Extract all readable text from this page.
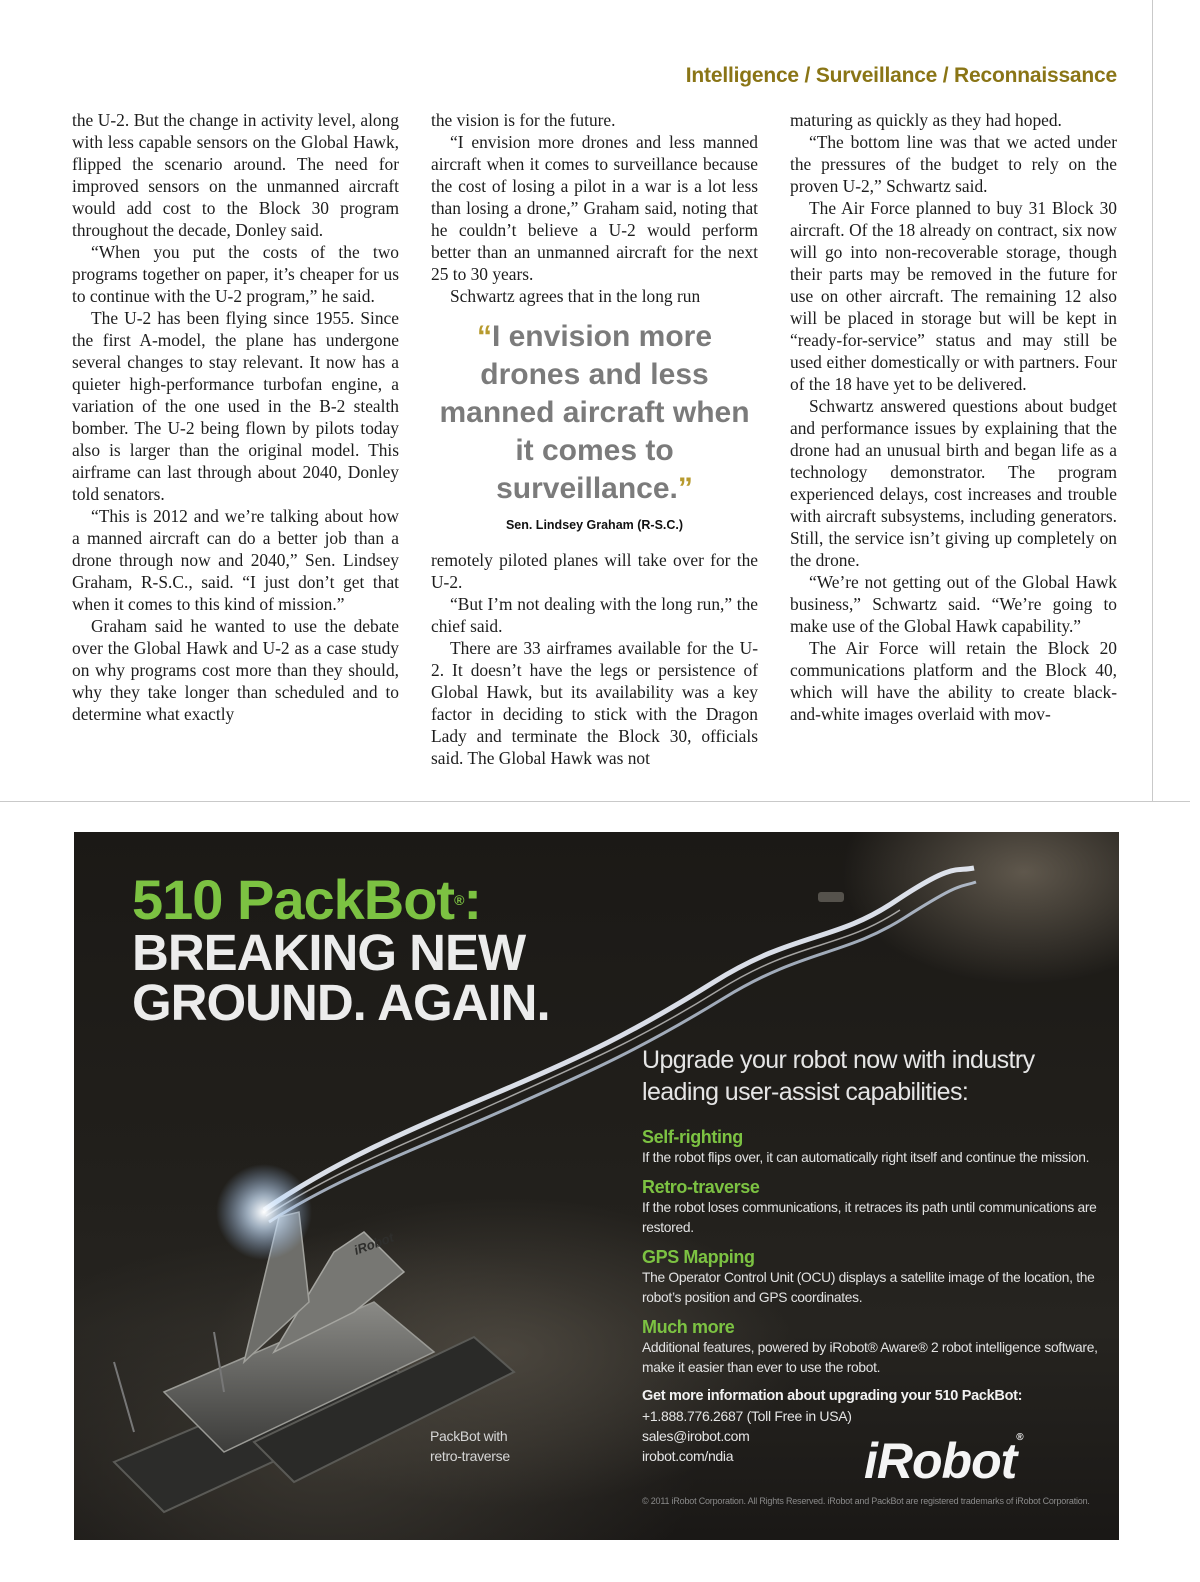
Intelligence / Surveillance / Reconnaissance

the U-2. But the change in activity level, along with less capable sensors on the Global Hawk, flipped the scenario around. The need for improved sensors on the unmanned aircraft would add cost to the Block 30 program throughout the decade, Donley said.

“When you put the costs of the two programs together on paper, it’s cheaper for us to continue with the U-2 program,” he said.

The U-2 has been flying since 1955. Since the first A-model, the plane has undergone several changes to stay relevant. It now has a quieter high-performance turbofan engine, a variation of the one used in the B-2 stealth bomber. The U-2 being flown by pilots today also is larger than the original model. This airframe can last through about 2040, Donley told senators.

“This is 2012 and we’re talking about how a manned aircraft can do a better job than a drone through now and 2040,” Sen. Lindsey Graham, R-S.C., said. “I just don’t get that when it comes to this kind of mission.”

Graham said he wanted to use the debate over the Global Hawk and U-2 as a case study on why programs cost more than they should, why they take longer than scheduled and to determine what exactly

the vision is for the future.

“I envision more drones and less manned aircraft when it comes to surveillance because the cost of losing a pilot in a war is a lot less than losing a drone,” Graham said, noting that he couldn’t believe a U-2 would perform better than an unmanned aircraft for the next 25 to 30 years.

Schwartz agrees that in the long run

“I envision more drones and less manned aircraft when it comes to surveillance.”
Sen. Lindsey Graham (R-S.C.)

remotely piloted planes will take over for the U-2.

“But I’m not dealing with the long run,” the chief said.

There are 33 airframes available for the U-2. It doesn’t have the legs or persistence of Global Hawk, but its availability was a key factor in deciding to stick with the Dragon Lady and terminate the Block 30, officials said. The Global Hawk was not

maturing as quickly as they had hoped.

“The bottom line was that we acted under the pressures of the budget to rely on the proven U-2,” Schwartz said.

The Air Force planned to buy 31 Block 30 aircraft. Of the 18 already on contract, six now will go into non-recoverable storage, though their parts may be removed in the future for use on other aircraft. The remaining 12 also will be placed in storage but will be kept in “ready-for-service” status and may still be used either domestically or with partners. Four of the 18 have yet to be delivered.

Schwartz answered questions about budget and performance issues by explaining that the drone had an unusual birth and began life as a technology demonstrator. The program experienced delays, cost increases and trouble with aircraft subsystems, including generators. Still, the service isn’t giving up completely on the drone.

“We’re not getting out of the Global Hawk business,” Schwartz said. “We’re going to make use of the Global Hawk capability.”

The Air Force will retain the Block 20 communications platform and the Block 40, which will have the ability to create black-and-white images overlaid with mov-

iRobot
510 PackBot®:
BREAKING NEW
GROUND. AGAIN.
Upgrade your robot now with industry leading user-assist capabilities:
Self-righting
If the robot flips over, it can automatically right itself and continue the mission.
Retro-traverse
If the robot loses communications, it retraces its path until communications are restored.
GPS Mapping
The Operator Control Unit (OCU) displays a satellite image of the location, the robot’s position and GPS coordinates.
Much more
Additional features, powered by iRobot® Aware® 2 robot intelligence software, make it easier than ever to use the robot.
Get more information about upgrading your 510 PackBot:
+1.888.776.2687 (Toll Free in USA)
sales@irobot.com
irobot.com/ndia
PackBot with
retro-traverse	iRobot®
© 2011 iRobot Corporation. All Rights Reserved. iRobot and PackBot are registered trademarks of iRobot Corporation.
